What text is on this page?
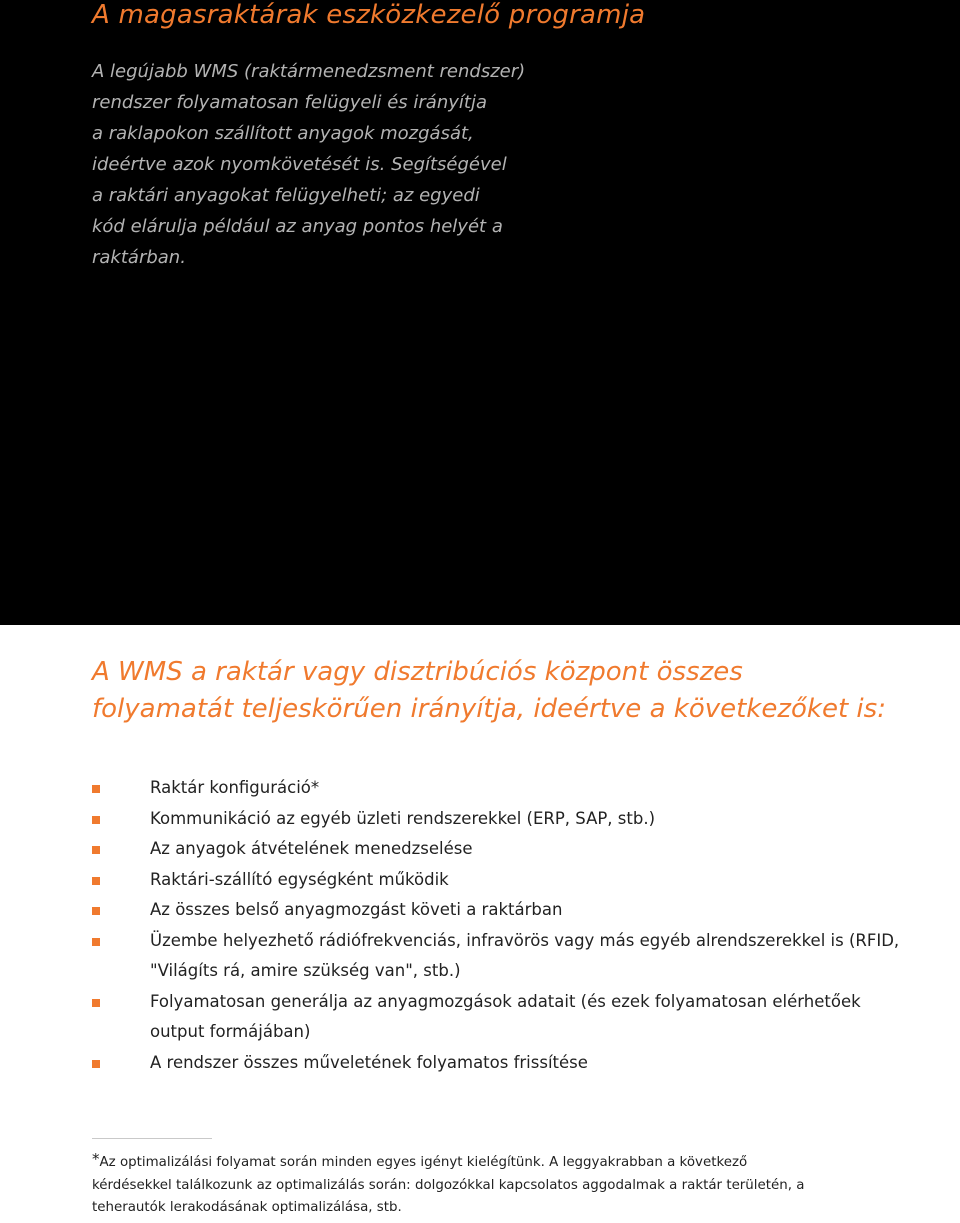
A magasraktárak eszközkezelő programja

A legújabb WMS (raktármenedzsment rendszer)
rendszer folyamatosan felügyeli és irányítja
a raklapokon szállított anyagok mozgását,
ideértve azok nyomkövetését is. Segítségével
a raktári anyagokat felügyelheti; az egyedi
kód elárulja például az anyag pontos helyét a
raktárban.

A WMS a raktár vagy disztribúciós központ összes
folyamatát teljeskörűen irányítja, ideértve a következőket is:
Raktár konfiguráció*
Kommunikáció az egyéb üzleti rendszerekkel (ERP, SAP, stb.)
Az anyagok átvételének menedzselése
Raktári-szállító egységként működik
Az összes belső anyagmozgást követi a raktárban
Üzembe helyezhető rádiófrekvenciás, infravörös vagy más egyéb alrendszerekkel is (RFID,
"Világíts rá, amire szükség van", stb.)
Folyamatosan generálja az anyagmozgások adatait (és ezek folyamatosan elérhetőek
output formájában)
A rendszer összes műveletének folyamatos frissítése

*Az optimalizálási folyamat során minden egyes igényt kielégítünk. A leggyakrabban a következő
kérdésekkel találkozunk az optimalizálás során: dolgozókkal kapcsolatos aggodalmak a raktár területén, a
teherautók lerakodásának optimalizálása, stb.
